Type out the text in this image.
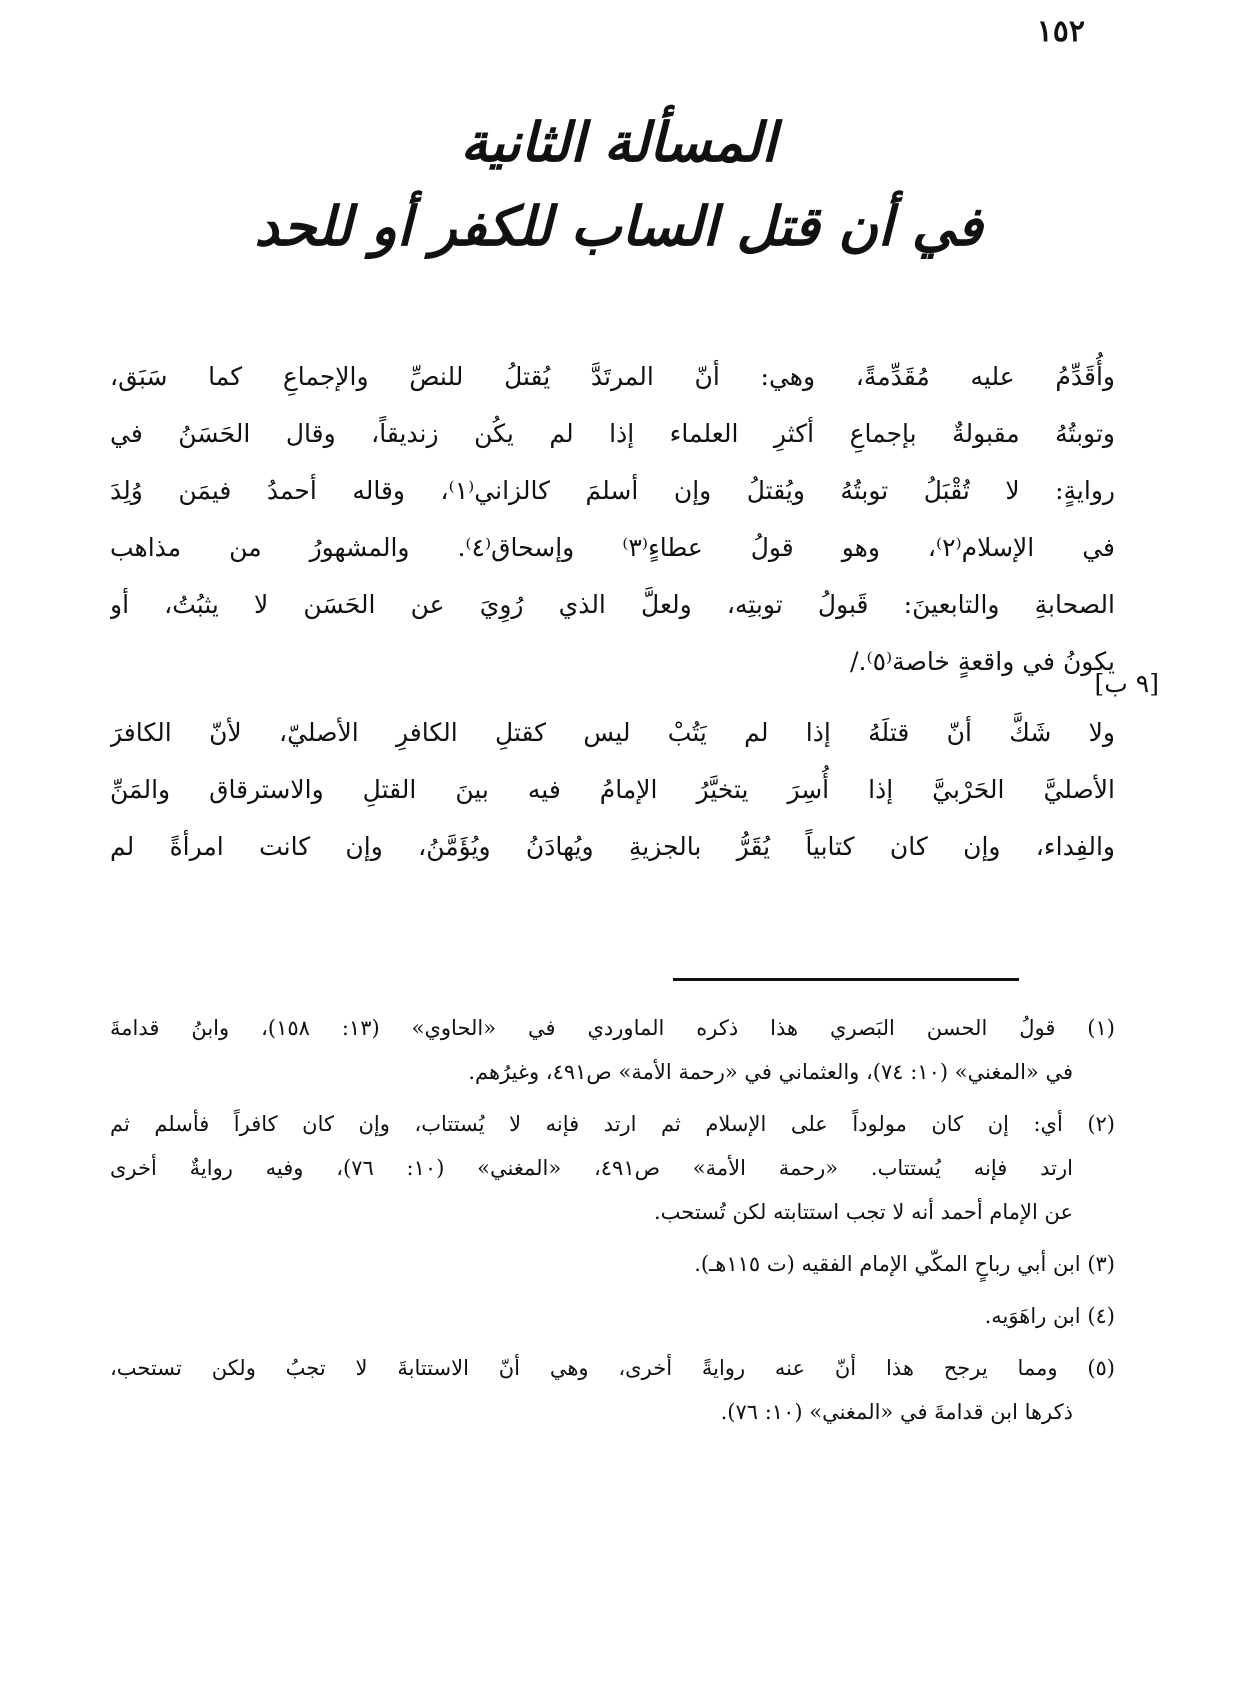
١٥٢
المسألة الثانية
في أن قتل الساب للكفر أو للحد
وأُقَدِّمُ عليه مُقَدِّمةً، وهي: أنّ المرتَدَّ يُقتلُ للنصِّ والإجماعِ كما سَبَق،
وتوبتُهُ مقبولةٌ بإجماعِ أكثرِ العلماء إذا لم يكُن زنديقاً، وقال الحَسَنُ في
روايةٍ: لا تُقْبَلُ توبتُهُ ويُقتلُ وإن أسلمَ كالزاني⁽١⁾، وقاله أحمدُ فيمَن وُلِدَ
في الإسلام⁽٢⁾، وهو قولُ عطاءٍ⁽٣⁾ وإسحاق⁽٤⁾. والمشهورُ من مذاهب
الصحابةِ والتابعينَ: قَبولُ توبتِه، ولعلَّ الذي رُوِيَ عن الحَسَن لا يثبُتُ، أو
يكونُ في واقعةٍ خاصة⁽٥⁾./
ولا شَكَّ أنّ قتلَهُ إذا لم يَتُبْ ليس كقتلِ الكافرِ الأصليّ، لأنّ الكافرَ
الأصليَّ الحَرْبيَّ إذا أُسِرَ يتخيَّرُ الإمامُ فيه بينَ القتلِ والاسترقاق والمَنِّ
والفِداء، وإن كان كتابياً يُقَرُّ بالجزيةِ ويُهادَنُ ويُؤَمَّنُ، وإن كانت امرأةً لم
[٩ ب]
(١) قولُ الحسن البَصري هذا ذكره الماوردي في «الحاوي» (١٣: ١٥٨)، وابنُ قدامةَ
في «المغني» (١٠: ٧٤)، والعثماني في «رحمة الأمة» ص٤٩١، وغيرُهم.
(٢) أي: إن كان مولوداً على الإسلام ثم ارتد فإنه لا يُستتاب، وإن كان كافراً فأسلم ثم
ارتد فإنه يُستتاب. «رحمة الأمة» ص٤٩١، «المغني» (١٠: ٧٦)، وفيه روايةٌ أخرى
عن الإمام أحمد أنه لا تجب استتابته لكن تُستحب.
(٣) ابن أبي رباحٍ المكّي الإمام الفقيه (ت ١١٥هـ).
(٤) ابن راهَوَيه.
(٥) ومما يرجح هذا أنّ عنه روايةً أخرى، وهي أنّ الاستتابةَ لا تجبُ ولكن تستحب،
ذكرها ابن قدامةَ في «المغني» (١٠: ٧٦).
